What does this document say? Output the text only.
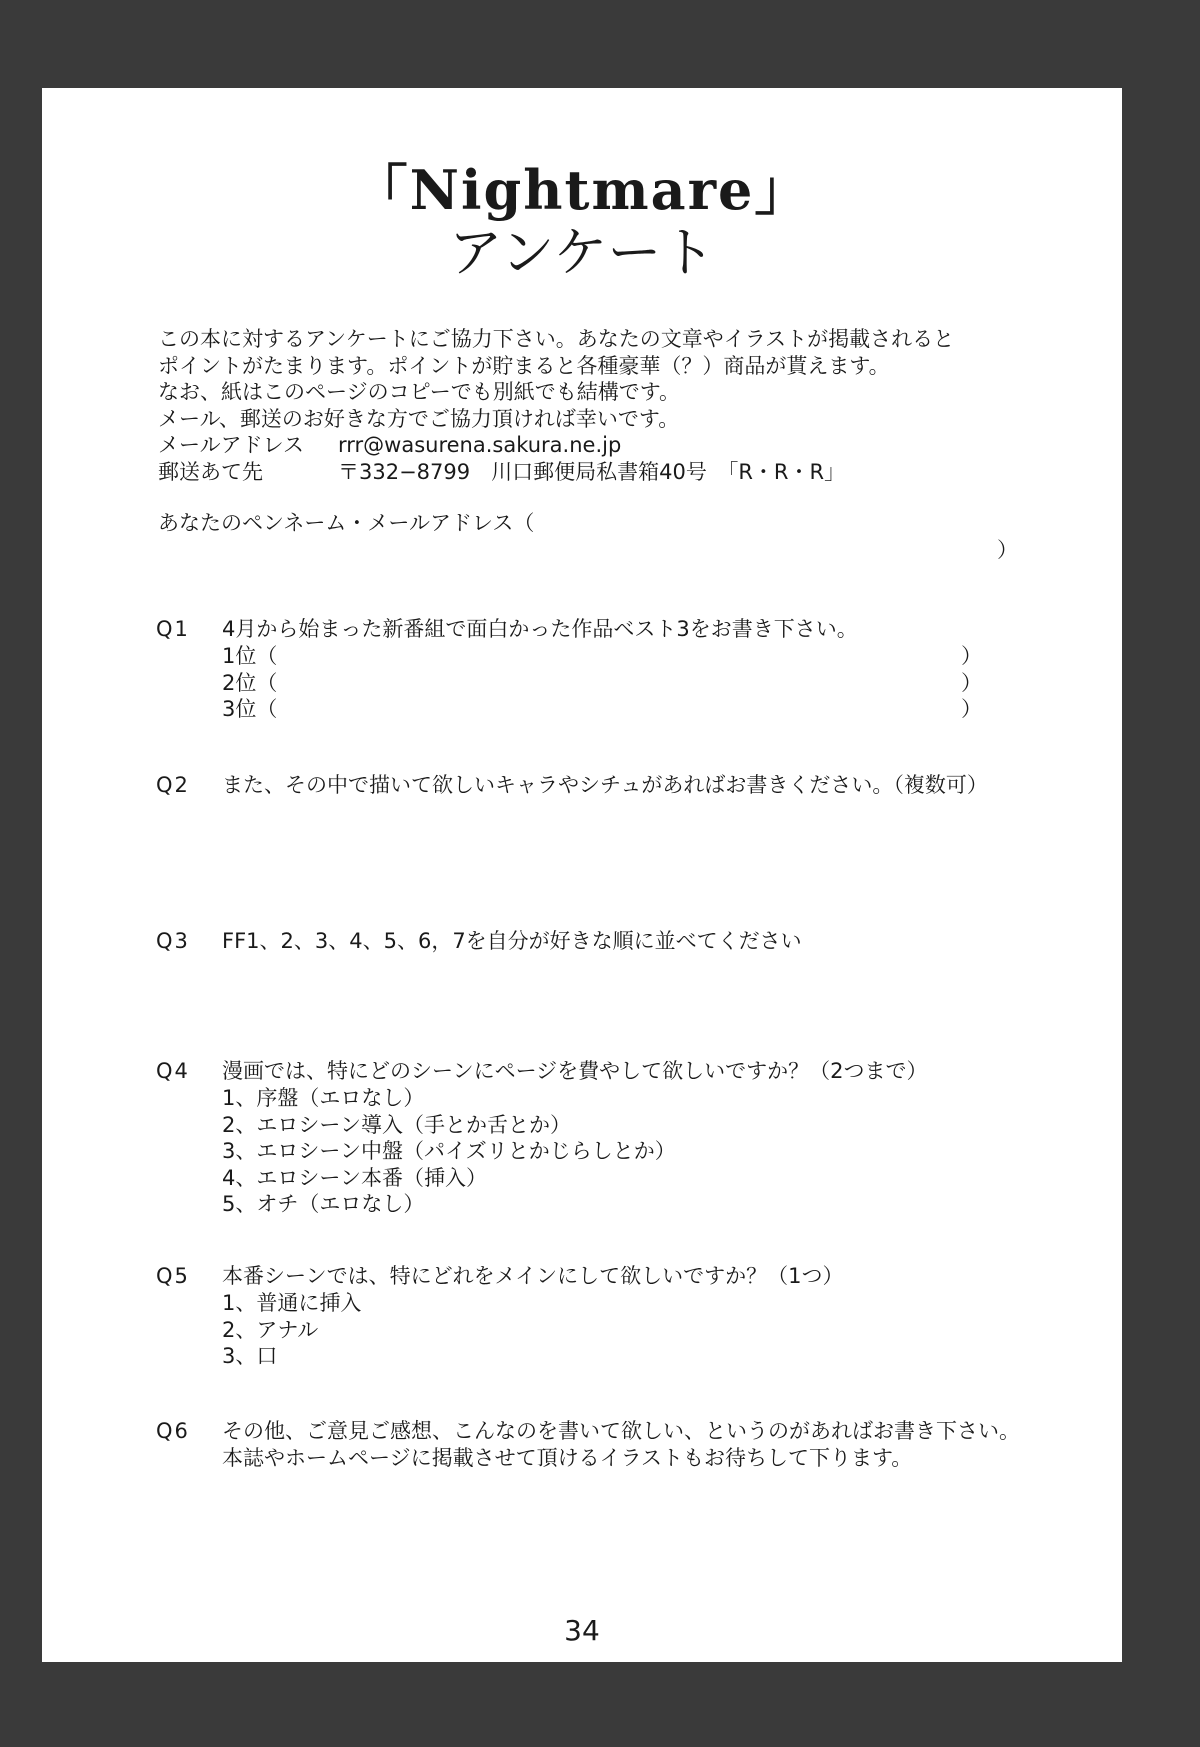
「Nightmare」
アンケート
この本に対するアンケートにご協力下さい。あなたの文章やイラストが掲載されると
ポイントがたまります。ポイントが貯まると各種豪華（？）商品が貰えます。
なお、紙はこのページのコピーでも別紙でも結構です。
メール、郵送のお好きな方でご協力頂ければ幸いです。
メールアドレス	rrr@wasurena.sakura.ne.jp
郵送あて先	〒332−8799　川口郵便局私書箱40号　「R・R・R」
あなたのペンネーム・メールアドレス（
）
Q1	4月から始まった新番組で面白かった作品ベスト3をお書き下さい。
1位（	）
2位（	）
3位（	）
Q2	また、その中で描いて欲しいキャラやシチュがあればお書きください。（複数可）
Q3	FF1、2、3、4、5、6，7を自分が好きな順に並べてください
Q4	漫画では、特にどのシーンにページを費やして欲しいですか？（2つまで）
1、序盤（エロなし）
2、エロシーン導入（手とか舌とか）
3、エロシーン中盤（パイズリとかじらしとか）
4、エロシーン本番（挿入）
5、オチ（エロなし）
Q5	本番シーンでは、特にどれをメインにして欲しいですか？（1つ）
1、普通に挿入
2、アナル
3、口
Q6	その他、ご意見ご感想、こんなのを書いて欲しい、というのがあればお書き下さい。
本誌やホームページに掲載させて頂けるイラストもお待ちして下ります。
34
